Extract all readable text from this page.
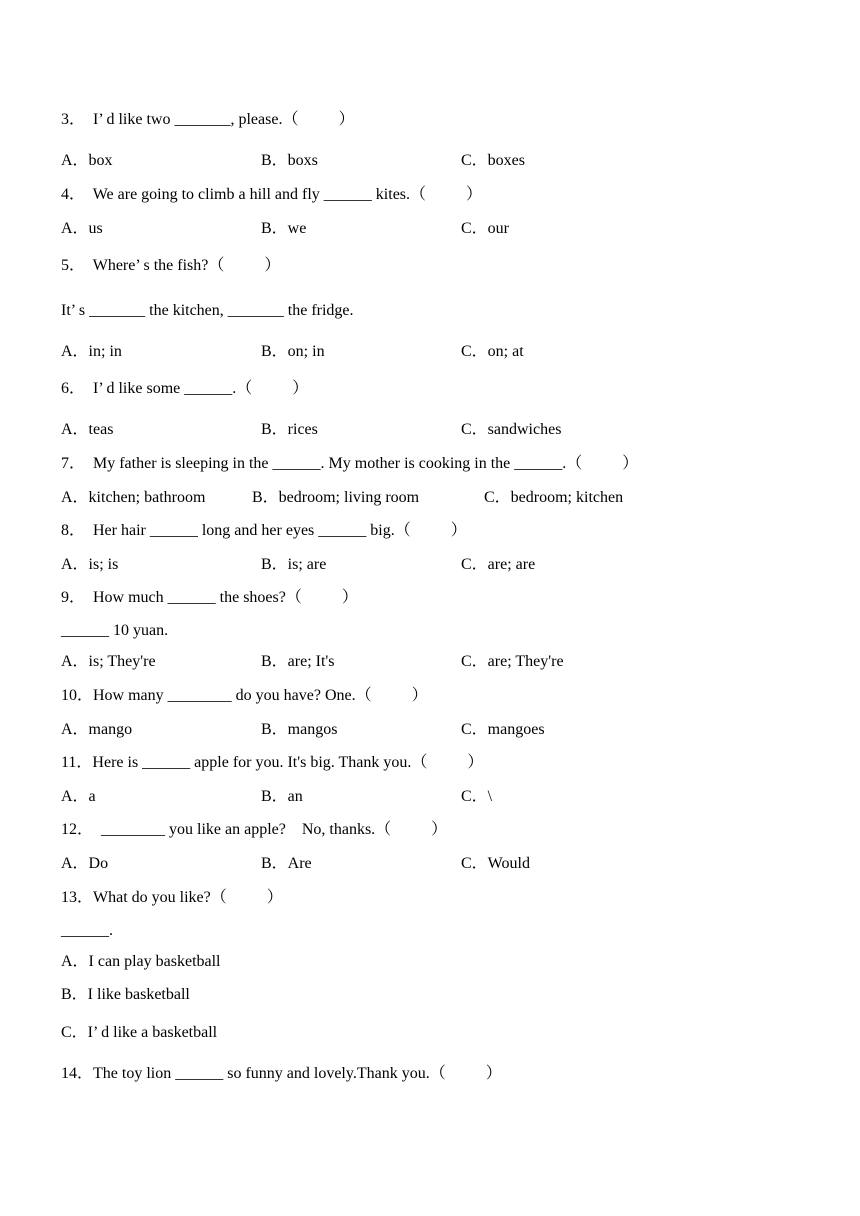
3．  I’ d like two _______, please.（          ）
A．box	B．boxs	C．boxes
4．  We are going to climb a hill and fly ______ kites.（          ）
A．us	B．we	C．our
5．  Where’ s the fish?（          ）
It’ s _______ the kitchen, _______ the fridge.
A．in; in	B．on; in	C．on; at
6．  I’ d like some ______.（          ）
A．teas	B．rices	C．sandwiches
7．  My father is sleeping in the ______. My mother is cooking in the ______.（          ）
A．kitchen; bathroom	B．bedroom; living room	C．bedroom; kitchen
8．  Her hair ______ long and her eyes ______ big.（          ）
A．is; is	B．is; are	C．are; are
9．  How much ______ the shoes?（          ）
______ 10 yuan.
A．is; They're	B．are; It's	C．are; They're
10．How many ________ do you have? One.（          ）
A．mango	B．mangos	C．mangoes
11．Here is ______ apple for you. It's big. Thank you.（          ）
A．a	B．an	C．\
12．  ________ you like an apple?    No, thanks.（          ）
A．Do	B．Are	C．Would
13．What do you like?（          ）
______.
A．I can play basketball
B．I like basketball
C．I’ d like a basketball
14．The toy lion ______ so funny and lovely.Thank you.（          ）
